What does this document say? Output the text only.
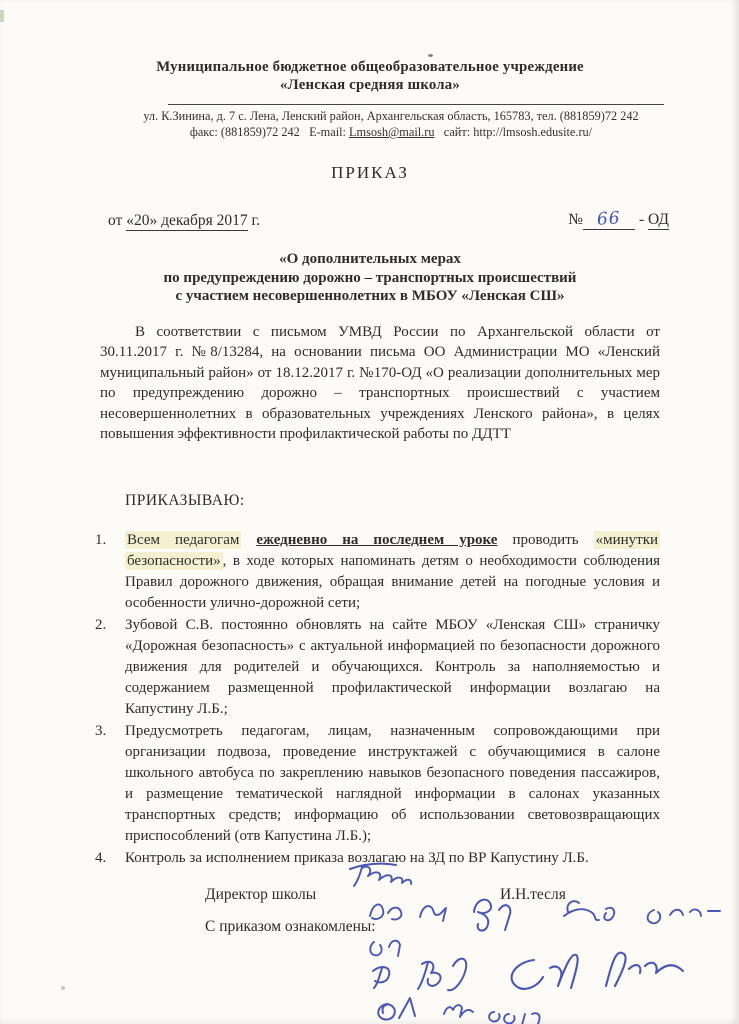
Муниципальное бюджетное общеобразовательное учреждение
«Ленская средняя школа»
ул. К.Зинина, д. 7 с. Лена, Ленский район, Архангельская область, 165783, тел. (881859)72 242
факс: (881859)72 242 E-mail: Lmsosh@mail.ru сайт: http://lmsosh.edusite.ru/
ПРИКАЗ
от «20» декабря 2017 г.	№ 66 - ОД
«О дополнительных мерах
по предупреждению дорожно – транспортных происшествий
с участием несовершеннолетних в МБОУ «Ленская СШ»

В соответствии с письмом УМВД России по Архангельской области от 30.11.2017 г. №8/13284, на основании письма ОО Администрации МО «Ленский муниципальный район» от 18.12.2017 г. №170-ОД «О реализации дополнительных мер по предупреждению дорожно – транспортных происшествий с участием несовершеннолетних в образовательных учреждениях Ленского района», в целях повышения эффективности профилактической работы по ДДТТ

ПРИКАЗЫВАЮ:
1.	Всем педагогам ежедневно на последнем уроке проводить «минутки безопасности» , в ходе которых напоминать детям о необходимости соблюдения Правил дорожного движения, обращая внимание детей на погодные условия и особенности улично-дорожной сети;
2.	Зубовой С.В. постоянно обновлять на сайте МБОУ «Ленская СШ» страничку «Дорожная безопасность» с актуальной информацией по безопасности дорожного движения для родителей и обучающихся. Контроль за наполняемостью и содержанием размещенной профилактической информации возлагаю на Капустину Л.Б.;
3.	Предусмотреть педагогам, лицам, назначенным сопровождающими при организации подвоза, проведение инструктажей с обучающимися в салоне школьного автобуса по закреплению навыков безопасного поведения пассажиров, и размещение тематической наглядной информации в салонах указанных транспортных средств; информацию об использовании световозвращающих приспособлений (отв Капустина Л.Б.);
4.	Контроль за исполнением приказа возлагаю на ЗД по ВР Капустину Л.Б.
Директор школы	И.Н.тесля
С приказом ознакомлены:
